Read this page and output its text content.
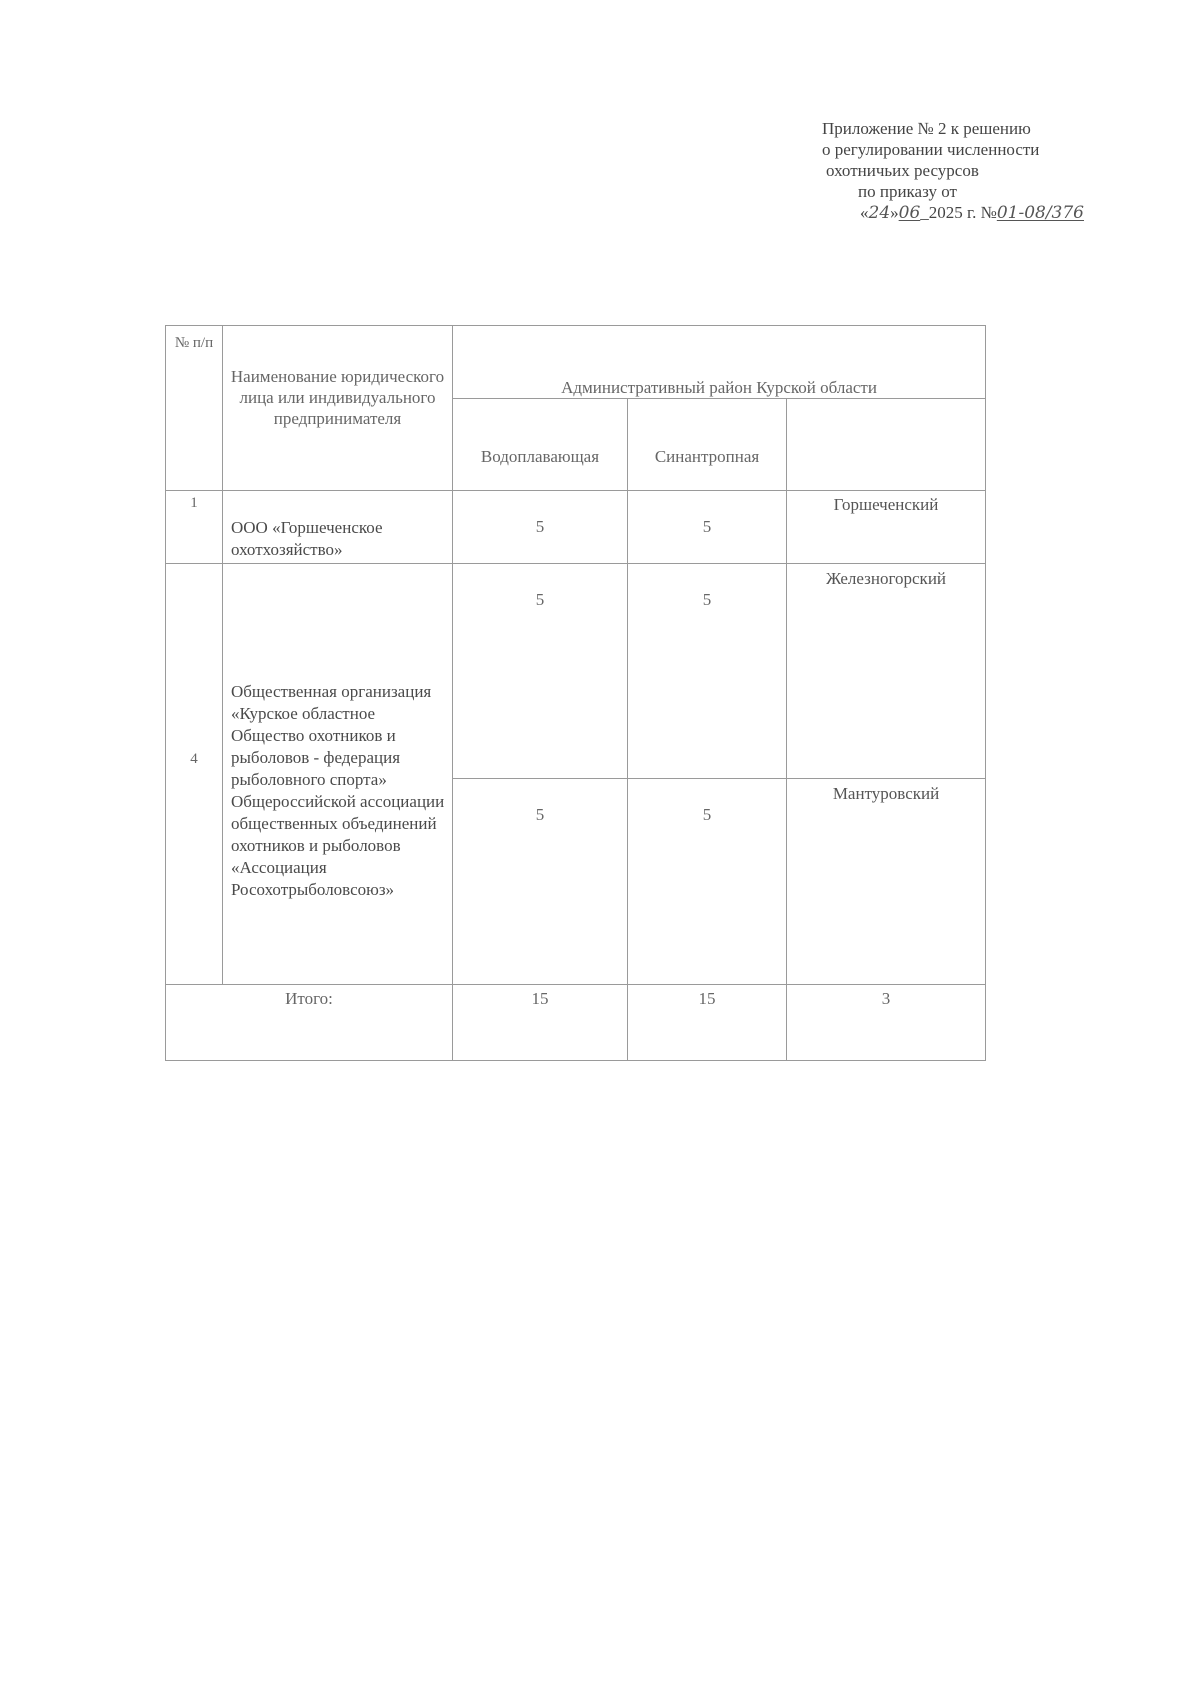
Приложение № 2 к решению
о регулировании численности
охотничьих ресурсов
по приказу от
«24»06_2025 г. №01-08/376
№ п/п	Наименование юридического лица или индивидуального предпринимателя	Административный район Курской области		
		Водоплавающая	Синантропная	
1	ООО «Горшеченское охотхозяйство»	5	5	Горшеченский
4	Общественная организация «Курское областное Общество охотников и рыболовов - федерация рыболовного спорта» Общероссийской ассоциации общественных объединений охотников и рыболовов «Ассоциация Росохотрыболовсоюз»	5	5	Железногорский
		5	5	Мантуровский
Итого:		15	15	3
